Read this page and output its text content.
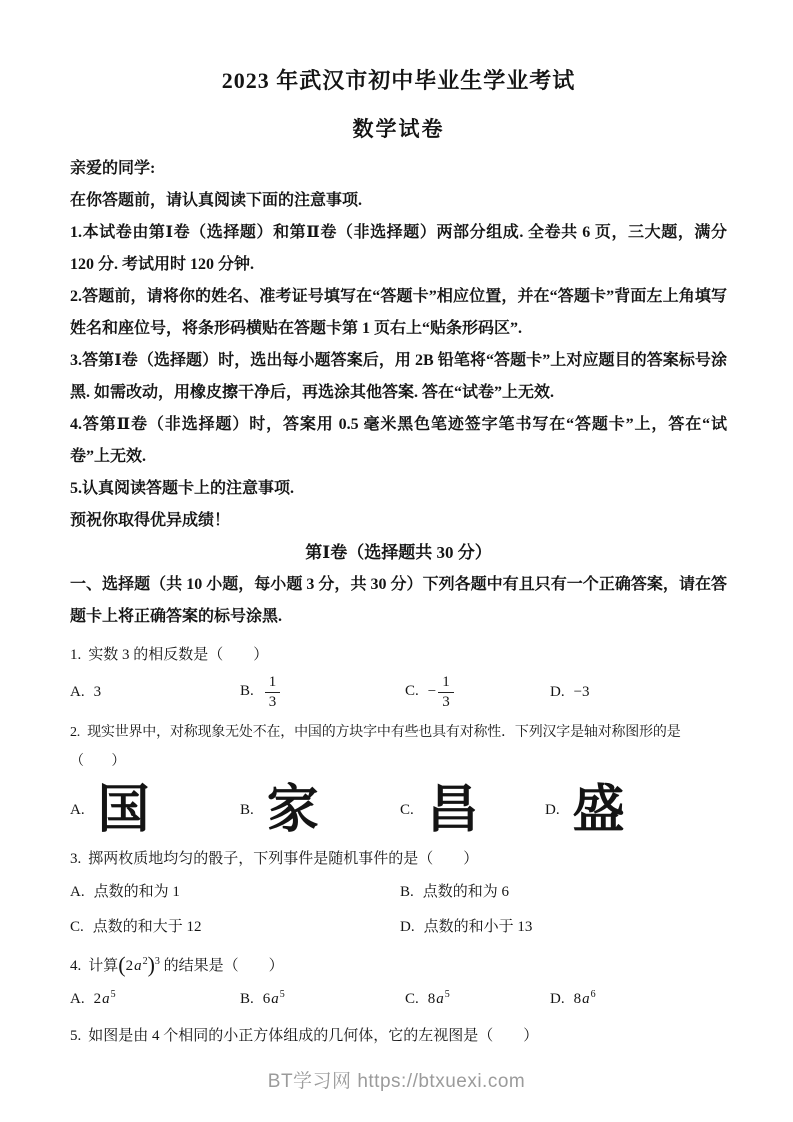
2023 年武汉市初中毕业生学业考试
数学试卷

亲爱的同学:

在你答题前，请认真阅读下面的注意事项.

1.本试卷由第Ⅰ卷（选择题）和第Ⅱ卷（非选择题）两部分组成. 全卷共 6 页，三大题，满分 120 分. 考试用时 120 分钟.

2.答题前，请将你的姓名、准考证号填写在“答题卡”相应位置，并在“答题卡”背面左上角填写姓名和座位号，将条形码横贴在答题卡第 1 页右上“贴条形码区”.

3.答第Ⅰ卷（选择题）时，选出每小题答案后，用 2B 铅笔将“答题卡”上对应题目的答案标号涂黑. 如需改动，用橡皮擦干净后，再选涂其他答案. 答在“试卷”上无效.

4.答第Ⅱ卷（非选择题）时，答案用 0.5 毫米黑色笔迹签字笔书写在“答题卡”上，答在“试卷”上无效.

5.认真阅读答题卡上的注意事项.

预祝你取得优异成绩！

第Ⅰ卷（选择题共 30 分）

一、选择题（共 10 小题，每小题 3 分，共 30 分）下列各题中有且只有一个正确答案，请在答题卡上将正确答案的标号涂黑.

1. 实数 3 的相反数是（　　）
A. 3	B. $\frac{1}{3}$	C. − $\frac{1}{3}$	D. −3
2. 现实世界中，对称现象无处不在，中国的方块字中有些也具有对称性．下列汉字是轴对称图形的是（　　）
A. 国	B. 家	C. 昌	D. 盛
3. 掷两枚质地均匀的骰子，下列事件是随机事件的是（　　）
A. 点数的和为 1	B. 点数的和为 6
C. 点数的和大于 12	D. 点数的和小于 13
4. 计算$(2a^2)^3$ 的结果是（　　）
A. $2a^5$	B. $6a^5$	C. $8a^5$	D. $8a^6$
5. 如图是由 4 个相同的小正方体组成的几何体，它的左视图是（　　）
BT学习网 https://btxuexi.com
